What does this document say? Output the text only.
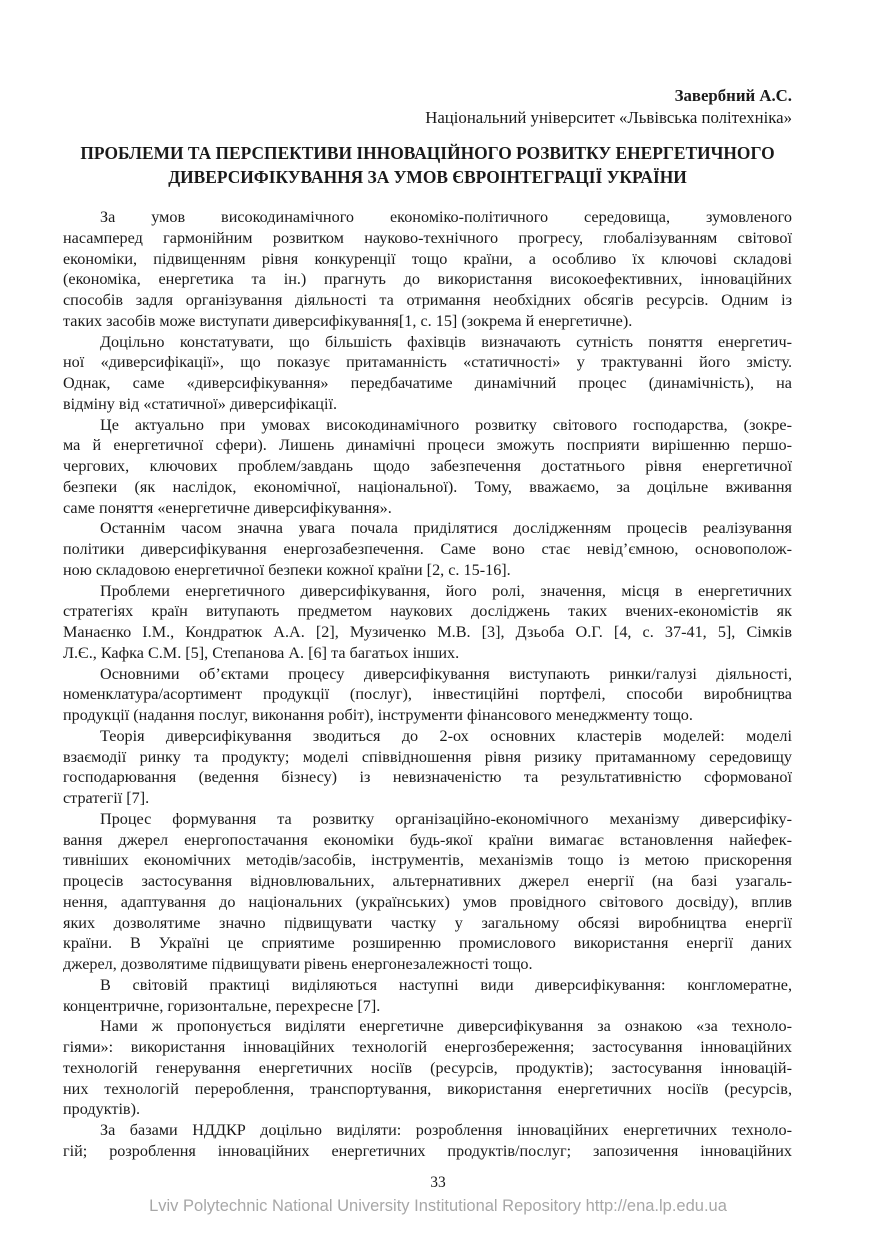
Завербний А.С.
Національний університет «Львівська політехніка»
ПРОБЛЕМИ ТА ПЕРСПЕКТИВИ ІННОВАЦІЙНОГО РОЗВИТКУ ЕНЕРГЕТИЧНОГО
ДИВЕРСИФІКУВАННЯ ЗА УМОВ ЄВРОІНТЕГРАЦІЇ УКРАЇНИ
За умов високодинамічного економіко-політичного середовища, зумовленого
насамперед гармонійним розвитком науково-технічного прогресу, глобалізуванням світової
економіки, підвищенням рівня конкуренції тощо країни, а особливо їх ключові складові
(економіка, енергетика та ін.) прагнуть до використання високоефективних, інноваційних
способів задля організування діяльності та отримання необхідних обсягів ресурсів. Одним із
таких засобів може виступати диверсифікування[1, с. 15] (зокрема й енергетичне).
Доцільно констатувати, що більшість фахівців визначають сутність поняття енергетич-
ної «диверсифікації», що показує притаманність «статичності» у трактуванні його змісту.
Однак, саме «диверсифікування» передбачатиме динамічний процес (динамічність), на
відміну від «статичної» диверсифікації.
Це актуально при умовах високодинамічного розвитку світового господарства, (зокре-
ма й енергетичної сфери). Лишень динамічні процеси зможуть посприяти вирішенню першо-
чергових, ключових проблем/завдань щодо забезпечення достатнього рівня енергетичної
безпеки (як наслідок, економічної, національної). Тому, вважаємо, за доцільне вживання
саме поняття «енергетичне диверсифікування».
Останнім часом значна увага почала приділятися дослідженням процесів реалізування
політики диверсифікування енергозабезпечення. Саме воно стає невід’ємною, основополож-
ною складовою енергетичної безпеки кожної країни [2, с. 15-16].
Проблеми енергетичного диверсифікування, його ролі, значення, місця в енергетичних
стратегіях країн витупають предметом наукових досліджень таких вчених-економістів як
Манаєнко І.М., Кондратюк А.А. [2], Музиченко М.В. [3], Дзьоба О.Г. [4, с. 37-41, 5], Сімків
Л.Є., Кафка С.М. [5], Степанова А. [6] та багатьох інших.
Основними об’єктами процесу диверсифікування виступають ринки/галузі діяльності,
номенклатура/асортимент продукції (послуг), інвестиційні портфелі, способи виробництва
продукції (надання послуг, виконання робіт), інструменти фінансового менеджменту тощо.
Теорія диверсифікування зводиться до 2-ох основних кластерів моделей: моделі
взаємодії ринку та продукту; моделі співвідношення рівня ризику притаманному середовищу
господарювання (ведення бізнесу) із невизначеністю та результативністю сформованої
стратегії [7].
Процес формування та розвитку організаційно-економічного механізму диверсифіку-
вання джерел енергопостачання економіки будь-якої країни вимагає встановлення найефек-
тивніших економічних методів/засобів, інструментів, механізмів тощо із метою прискорення
процесів застосування відновлювальних, альтернативних джерел енергії (на базі узагаль-
нення, адаптування до національних (українських) умов провідного світового досвіду), вплив
яких дозволятиме значно підвищувати частку у загальному обсязі виробництва енергії
країни. В Україні це сприятиме розширенню промислового використання енергії даних
джерел, дозволятиме підвищувати рівень енергонезалежності тощо.
В світовій практиці виділяються наступні види диверсифікування: конгломератне,
концентричне, горизонтальне, перехресне [7].
Нами ж пропонується виділяти енергетичне диверсифікування за ознакою «за техноло-
гіями»: використання інноваційних технологій енергозбереження; застосування інноваційних
технологій генерування енергетичних носіїв (ресурсів, продуктів); застосування інновацій-
них технологій перероблення, транспортування, використання енергетичних носіїв (ресурсів,
продуктів).
За базами НДДКР доцільно виділяти: розроблення інноваційних енергетичних техноло-
гій; розроблення інноваційних енергетичних продуктів/послуг; запозичення інноваційних
33
Lviv Polytechnic National University Institutional Repository http://ena.lp.edu.ua
